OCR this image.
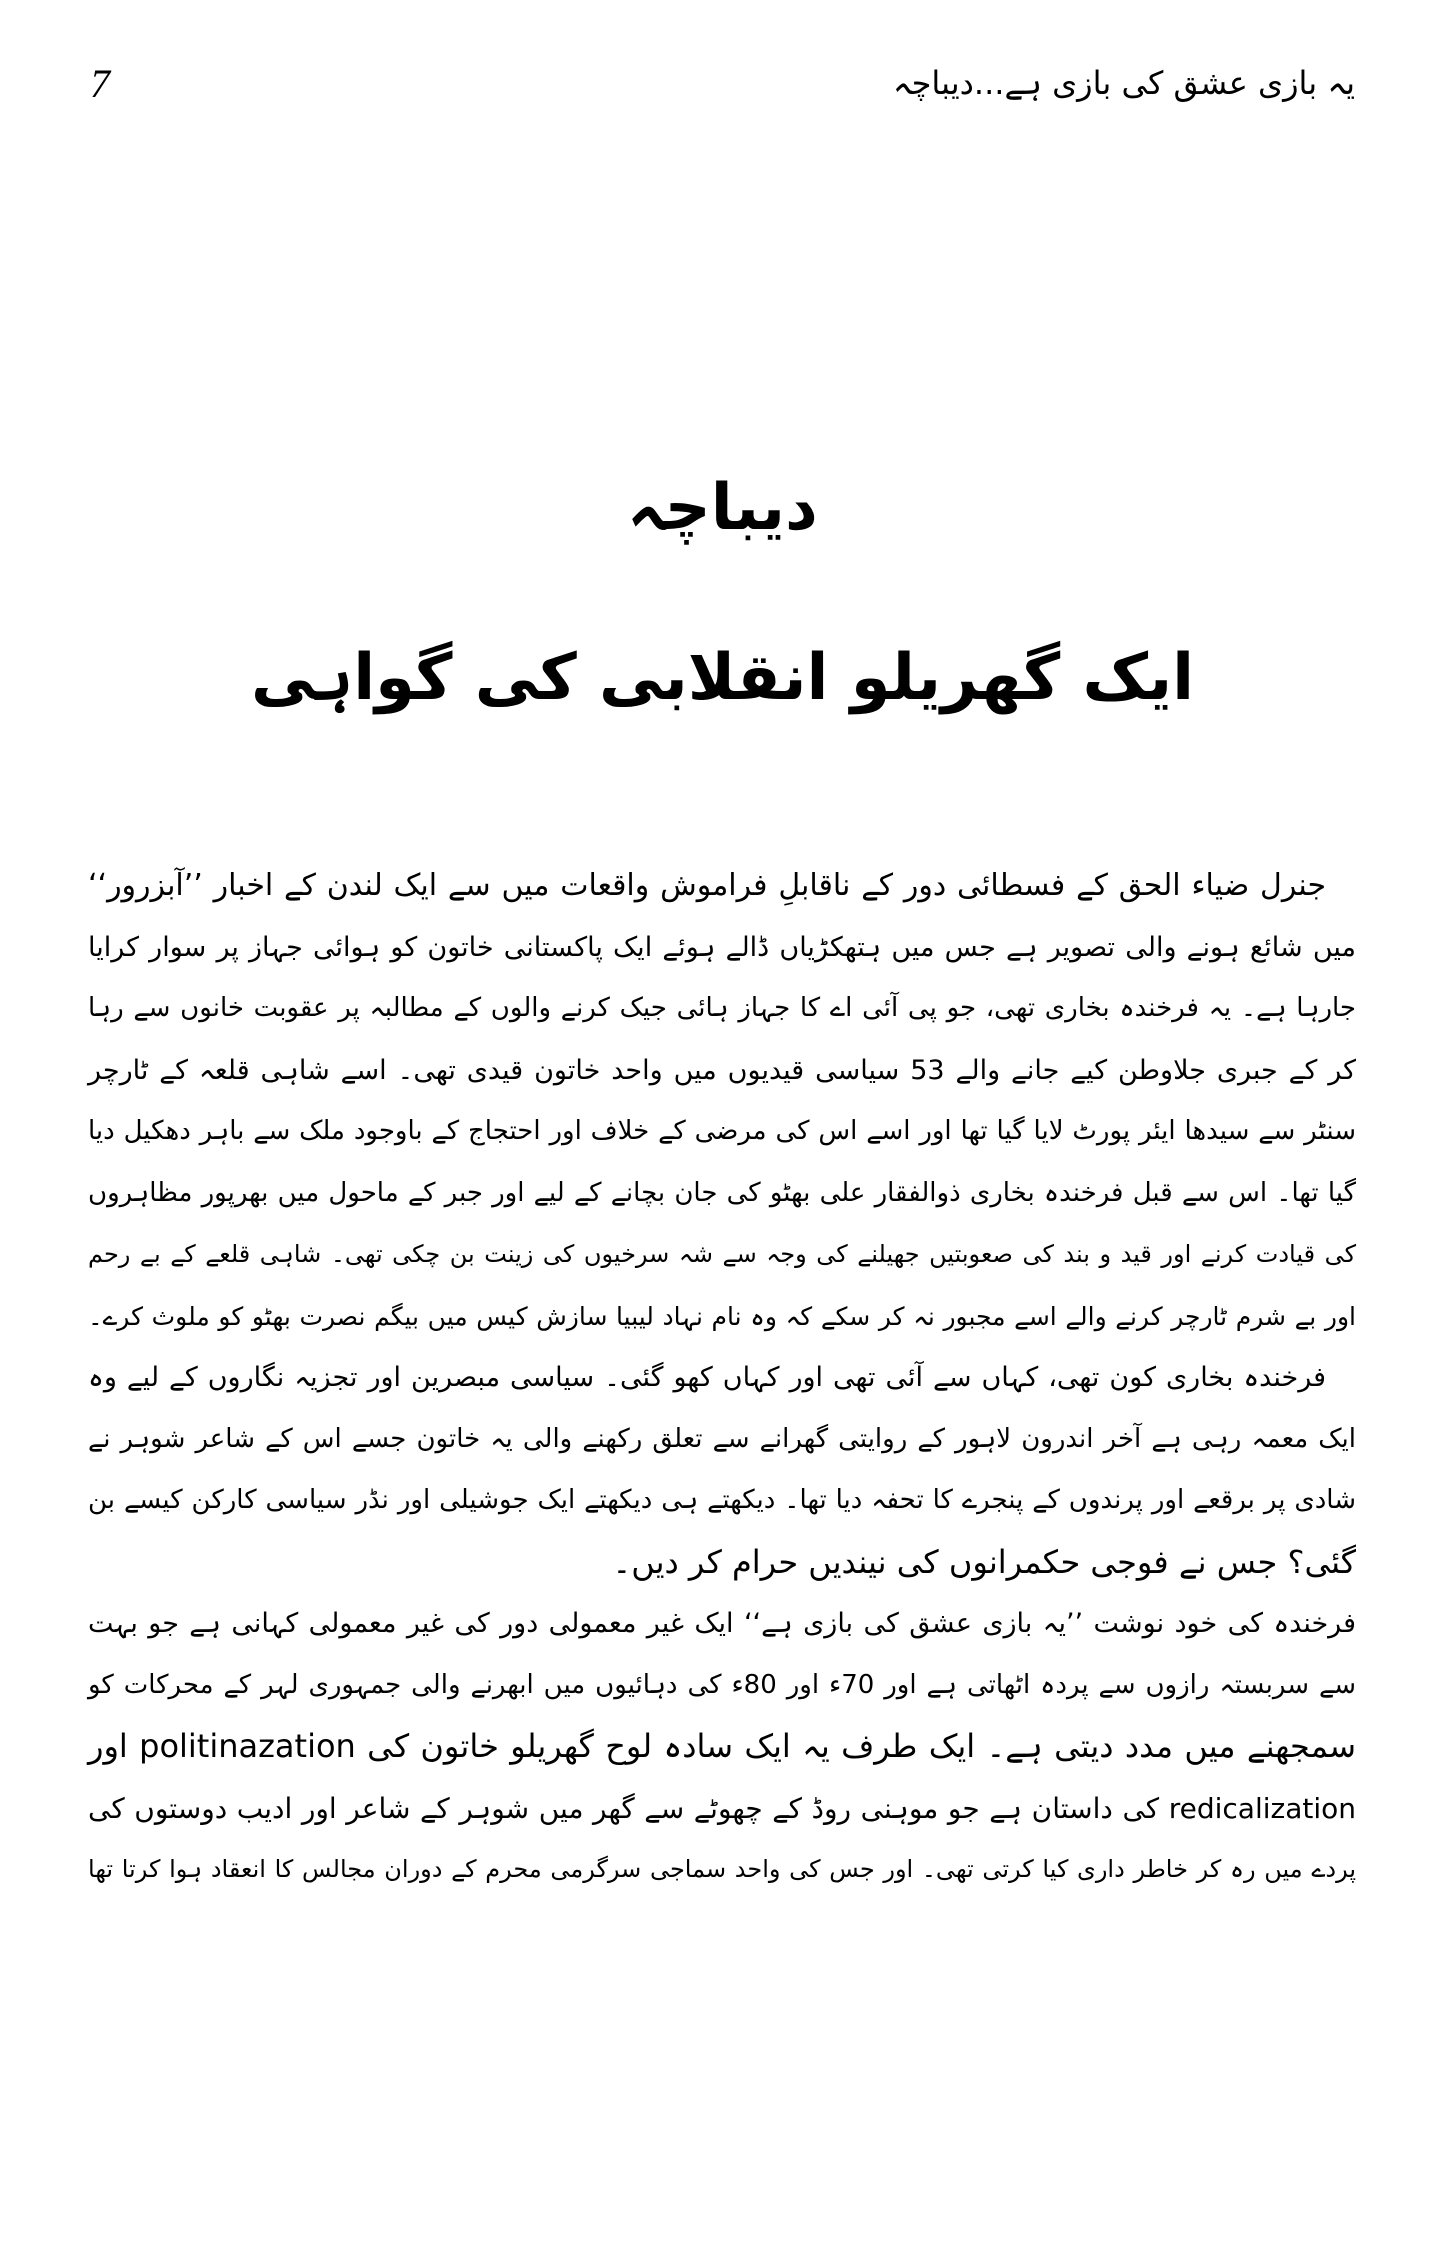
7	یہ بازی عشق کی بازی ہے...دیباچہ
دیباچہ
ایک گھریلو انقلابی کی گواہی
جنرل ضیاء الحق کے فسطائی دور کے ناقابلِ فراموش واقعات میں سے ایک لندن کے اخبار ’’آبزرور‘‘
میں شائع ہونے والی تصویر ہے جس میں ہتھکڑیاں ڈالے ہوئے ایک پاکستانی خاتون کو ہوائی جہاز پر سوار کرایا
جارہا ہے۔ یہ فرخندہ بخاری تھی، جو پی آئی اے کا جہاز ہائی جیک کرنے والوں کے مطالبہ پر عقوبت خانوں سے رہا
کر کے جبری جلاوطن کیے جانے والے 53 سیاسی قیدیوں میں واحد خاتون قیدی تھی۔ اسے شاہی قلعہ کے ٹارچر
سنٹر سے سیدھا ایئر پورٹ لایا گیا تھا اور اسے اس کی مرضی کے خلاف اور احتجاج کے باوجود ملک سے باہر دھکیل دیا
گیا تھا۔ اس سے قبل فرخندہ بخاری ذوالفقار علی بھٹو کی جان بچانے کے لیے اور جبر کے ماحول میں بھرپور مظاہروں
کی قیادت کرنے اور قید و بند کی صعوبتیں جھیلنے کی وجہ سے شہ سرخیوں کی زینت بن چکی تھی۔ شاہی قلعے کے بے رحم
اور بے شرم ٹارچر کرنے والے اسے مجبور نہ کر سکے کہ وہ نام نہاد لیبیا سازش کیس میں بیگم نصرت بھٹو کو ملوث کرے۔
فرخندہ بخاری کون تھی، کہاں سے آئی تھی اور کہاں کھو گئی۔ سیاسی مبصرین اور تجزیہ نگاروں کے لیے وہ
ایک معمہ رہی ہے آخر اندرون لاہور کے روایتی گھرانے سے تعلق رکھنے والی یہ خاتون جسے اس کے شاعر شوہر نے
شادی پر برقعے اور پرندوں کے پنجرے کا تحفہ دیا تھا۔ دیکھتے ہی دیکھتے ایک جوشیلی اور نڈر سیاسی کارکن کیسے بن
گئی؟ جس نے فوجی حکمرانوں کی نیندیں حرام کر دیں۔
فرخندہ کی خود نوشت ’’یہ بازی عشق کی بازی ہے‘‘ ایک غیر معمولی دور کی غیر معمولی کہانی ہے جو بہت
سے سربستہ رازوں سے پردہ اٹھاتی ہے اور 70ء اور 80ء کی دہائیوں میں ابھرنے والی جمہوری لہر کے محرکات کو
سمجھنے میں مدد دیتی ہے۔ ایک طرف یہ ایک سادہ لوح گھریلو خاتون کی politinazation اور
redicalization کی داستان ہے جو موہنی روڈ کے چھوٹے سے گھر میں شوہر کے شاعر اور ادیب دوستوں کی
پردے میں رہ کر خاطر داری کیا کرتی تھی۔ اور جس کی واحد سماجی سرگرمی محرم کے دوران مجالس کا انعقاد ہوا کرتا تھا
